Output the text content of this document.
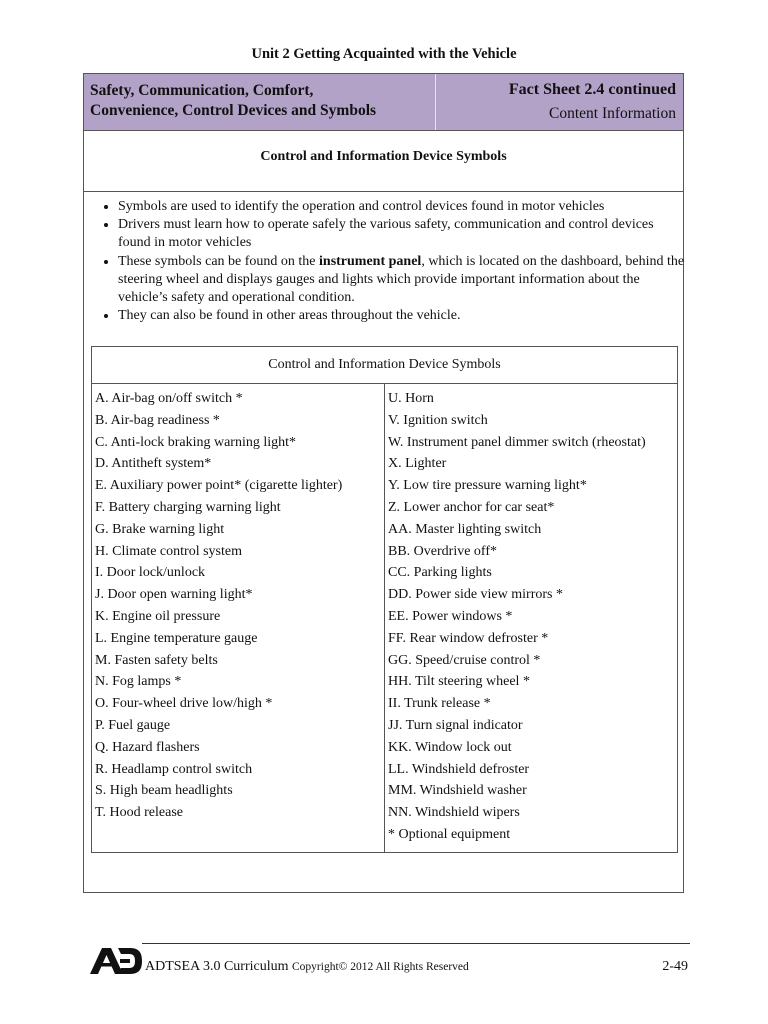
Unit 2 Getting Acquainted with the Vehicle
Safety, Communication, Comfort,
Convenience, Control Devices and Symbols
Fact Sheet 2.4 continued
Content Information
Control and Information Device Symbols
• Symbols are used to identify the operation and control devices found in motor vehicles
• Drivers must learn how to operate safely the various safety, communication and control devices found in motor vehicles
• These symbols can be found on the instrument panel, which is located on the dashboard, behind the steering wheel and displays gauges and lights which provide important information about the vehicle’s safety and operational condition.
• They can also be found in other areas throughout the vehicle.
Control and Information Device Symbols
A. Air-bag on/off switch *
B. Air-bag readiness *
C. Anti-lock braking warning light*
D. Antitheft system*
E. Auxiliary power point* (cigarette lighter)
F. Battery charging warning light
G. Brake warning light
H. Climate control system
I. Door lock/unlock
J. Door open warning light*
K. Engine oil pressure
L. Engine temperature gauge
M. Fasten safety belts
N. Fog lamps *
O. Four-wheel drive low/high *
P. Fuel gauge
Q. Hazard flashers
R. Headlamp control switch
S. High beam headlights
T. Hood release
U. Horn
V. Ignition switch
W. Instrument panel dimmer switch (rheostat)
X. Lighter
Y. Low tire pressure warning light*
Z. Lower anchor for car seat*
AA. Master lighting switch
BB. Overdrive off*
CC. Parking lights
DD. Power side view mirrors *
EE. Power windows *
FF. Rear window defroster *
GG. Speed/cruise control *
HH. Tilt steering wheel *
II. Trunk release *
JJ. Turn signal indicator
KK. Window lock out
LL. Windshield defroster
MM. Windshield washer
NN. Windshield wipers
* Optional equipment
ADTSEA 3.0 Curriculum Copyright© 2012 All Rights Reserved	2-49
